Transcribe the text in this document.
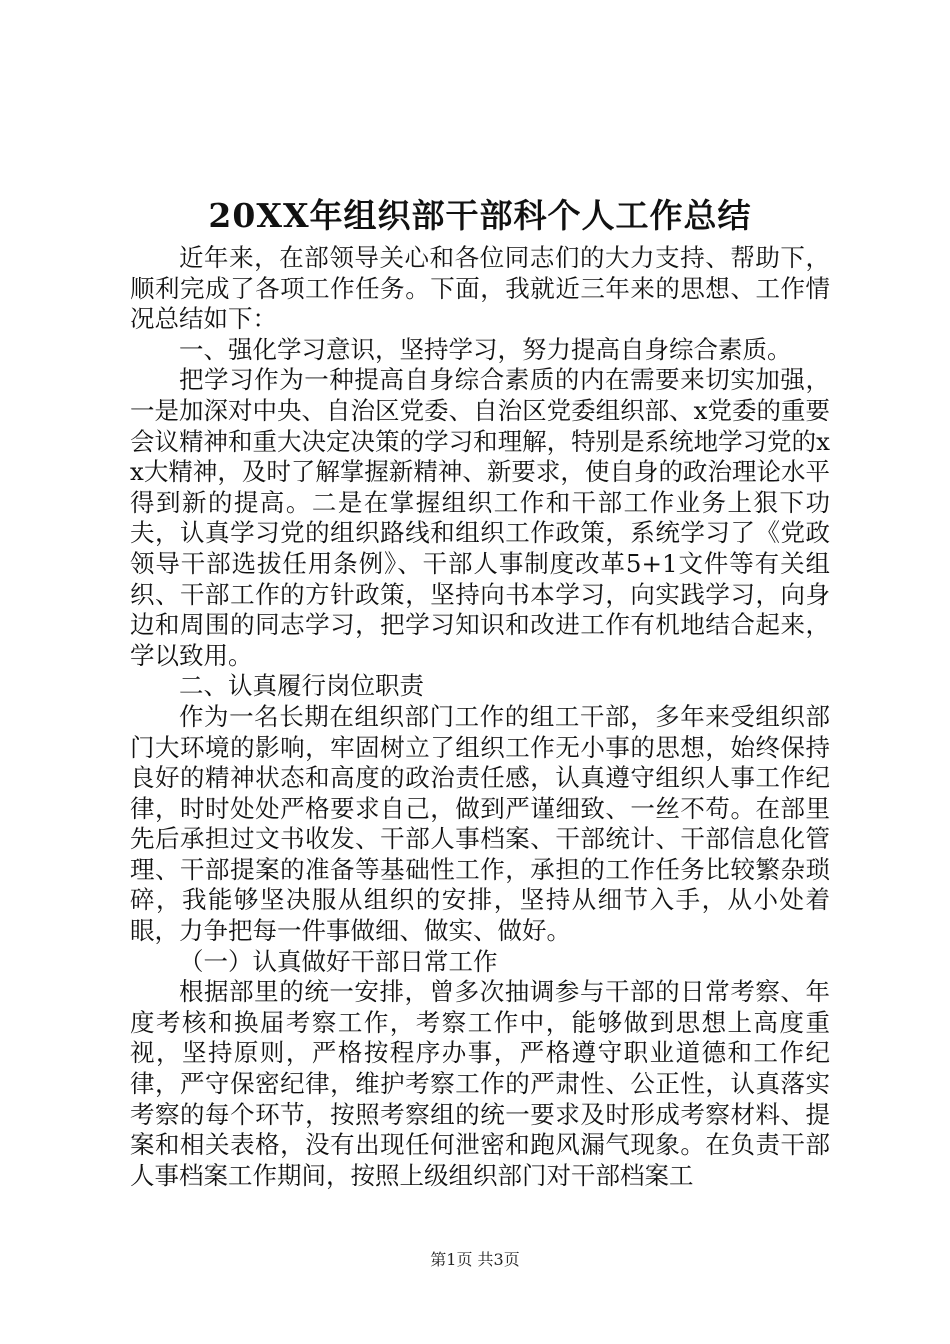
20XX年组织部干部科个人工作总结

近年来，在部领导关心和各位同志们的大力支持、帮助下，顺利完成了各项工作任务。下面，我就近三年来的思想、工作情况总结如下：

一、强化学习意识，坚持学习，努力提高自身综合素质。

把学习作为一种提高自身综合素质的内在需要来切实加强，一是加深对中央、自治区党委、自治区党委组织部、x党委的重要会议精神和重大决定决策的学习和理解，特别是系统地学习党的xx大精神，及时了解掌握新精神、新要求，使自身的政治理论水平得到新的提高。二是在掌握组织工作和干部工作业务上狠下功夫，认真学习党的组织路线和组织工作政策，系统学习了《党政领导干部选拔任用条例》、干部人事制度改革5+1文件等有关组织、干部工作的方针政策，坚持向书本学习，向实践学习，向身边和周围的同志学习，把学习知识和改进工作有机地结合起来，学以致用。

二、认真履行岗位职责

作为一名长期在组织部门工作的组工干部，多年来受组织部门大环境的影响，牢固树立了组织工作无小事的思想，始终保持良好的精神状态和高度的政治责任感，认真遵守组织人事工作纪律，时时处处严格要求自己，做到严谨细致、一丝不苟。在部里先后承担过文书收发、干部人事档案、干部统计、干部信息化管理、干部提案的准备等基础性工作，承担的工作任务比较繁杂琐碎，我能够坚决服从组织的安排，坚持从细节入手，从小处着眼，力争把每一件事做细、做实、做好。

（一）认真做好干部日常工作

根据部里的统一安排，曾多次抽调参与干部的日常考察、年度考核和换届考察工作，考察工作中，能够做到思想上高度重视，坚持原则，严格按程序办事，严格遵守职业道德和工作纪律，严守保密纪律，维护考察工作的严肃性、公正性，认真落实考察的每个环节，按照考察组的统一要求及时形成考察材料、提案和相关表格，没有出现任何泄密和跑风漏气现象。在负责干部人事档案工作期间，按照上级组织部门对干部档案工

第1页 共3页
